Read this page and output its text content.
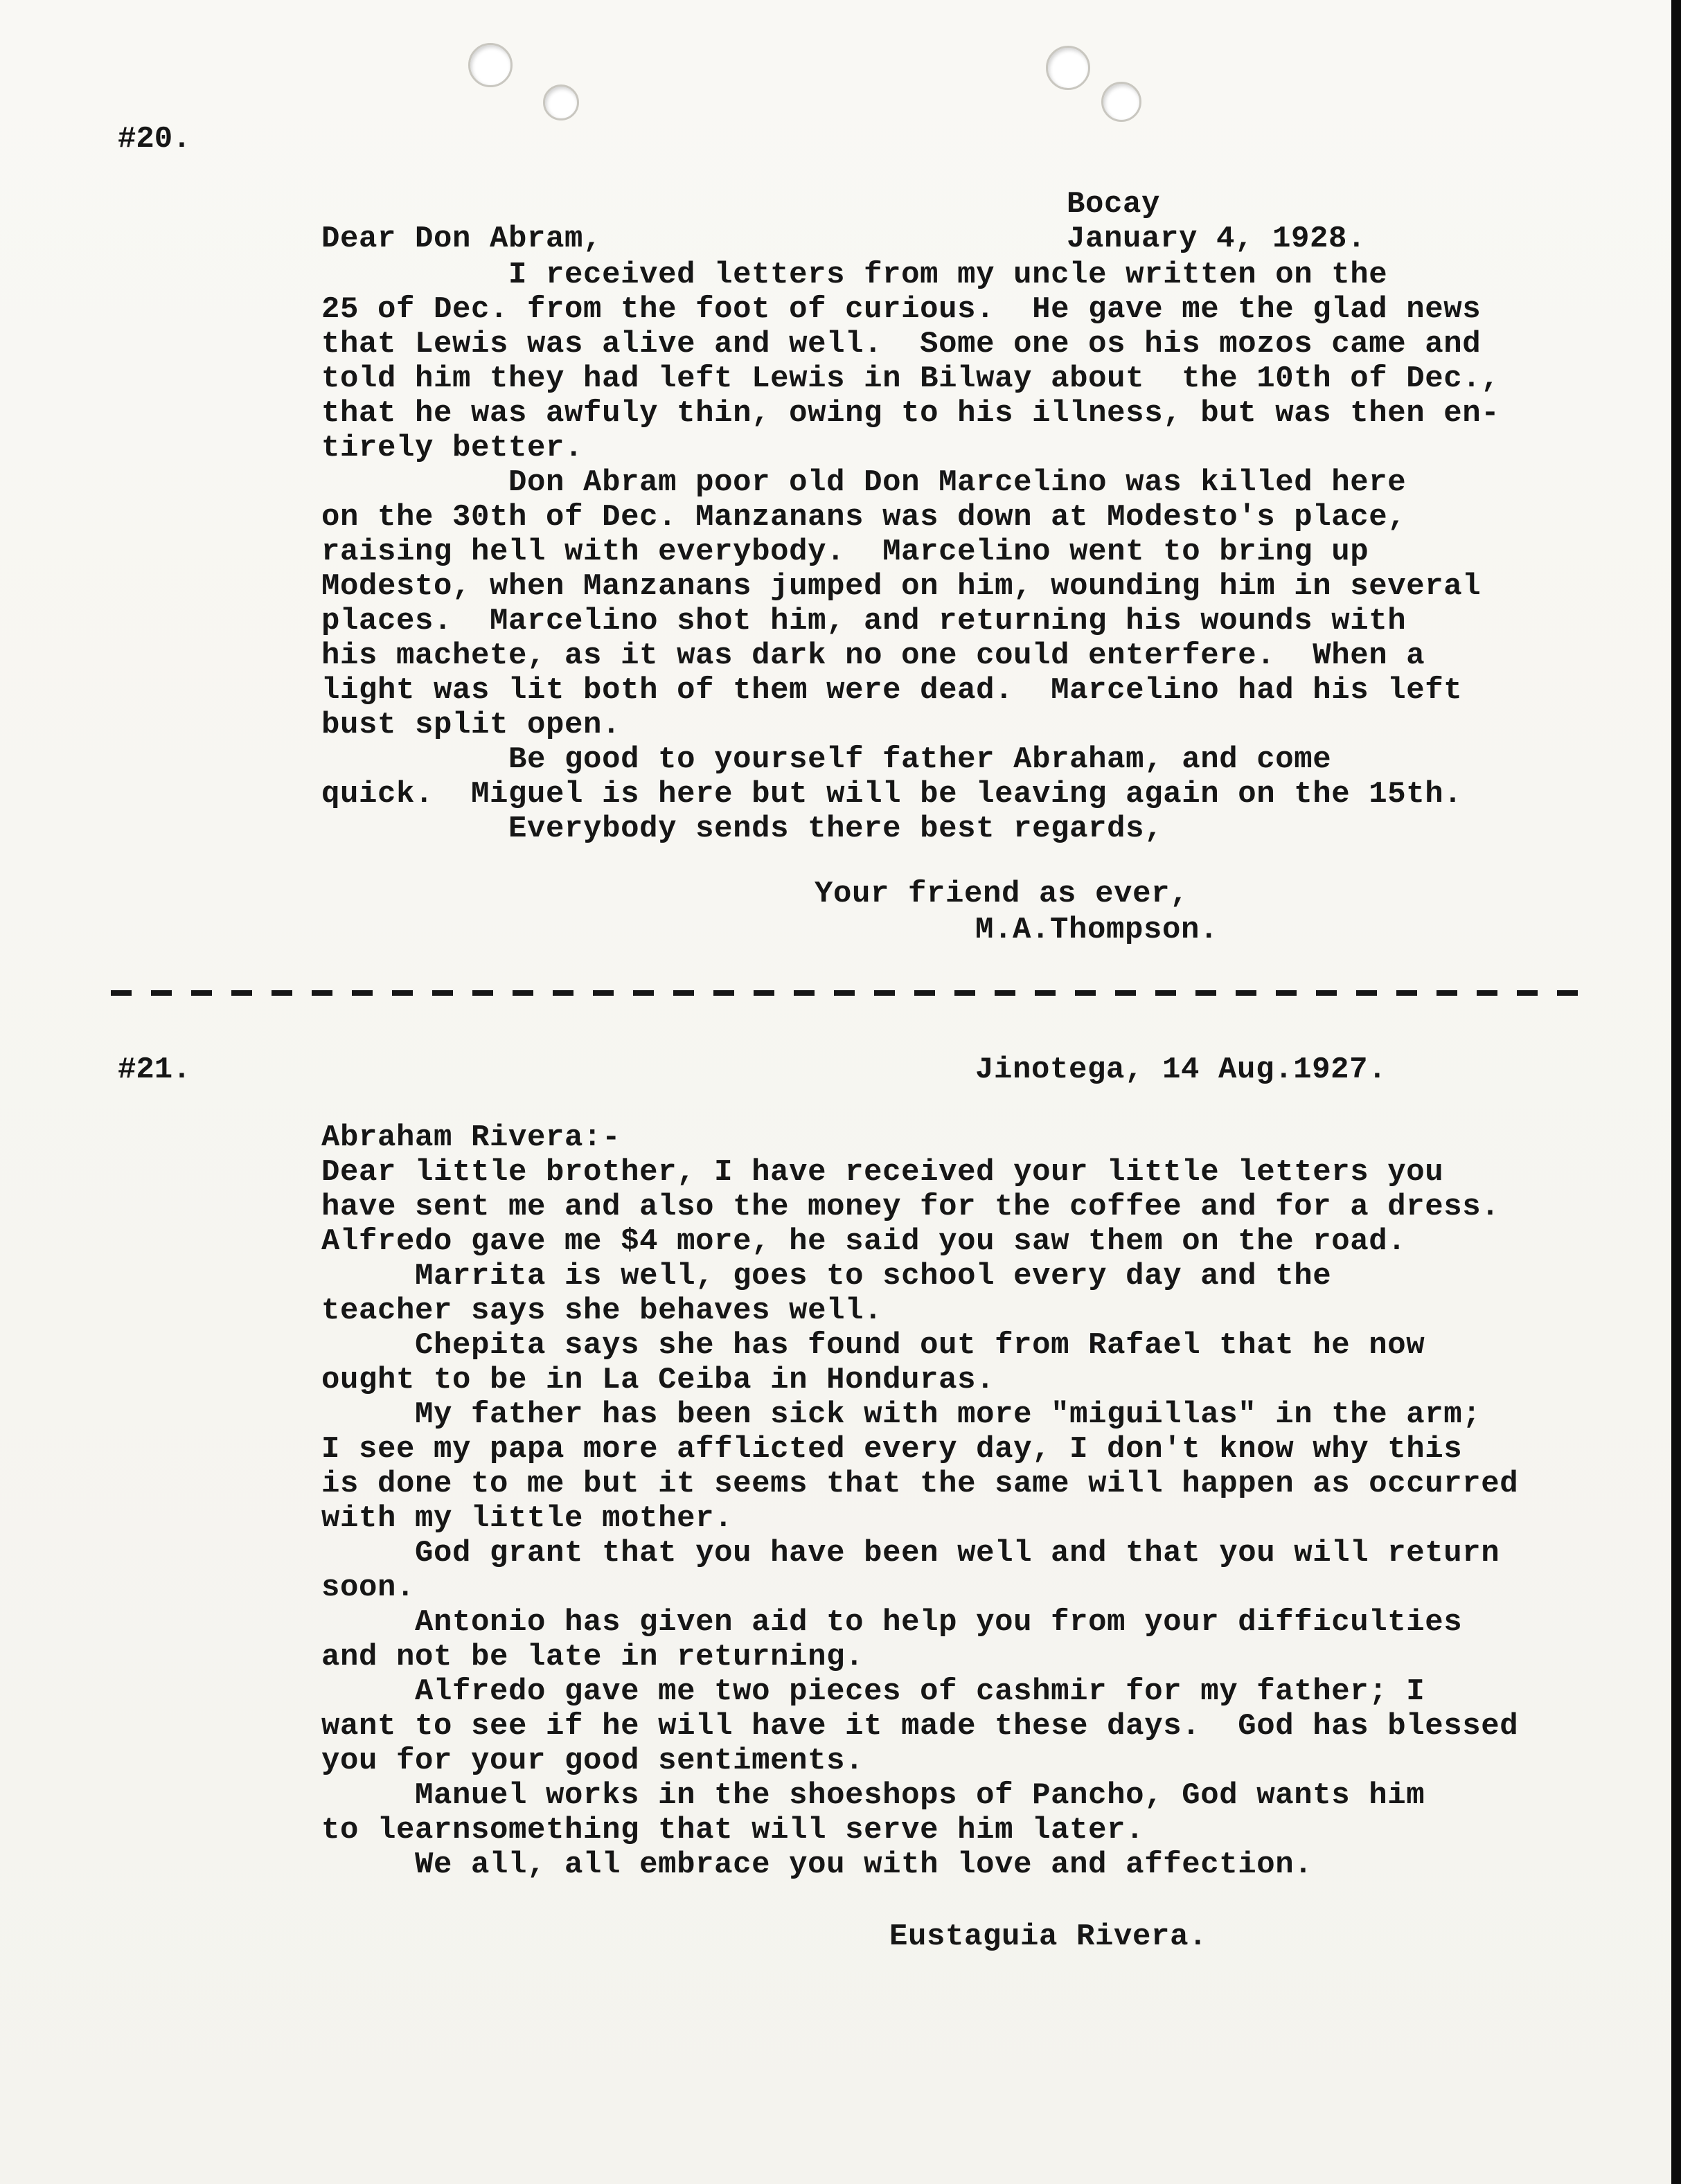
#20.
Bocay
Dear Don Abram,	January 4, 1928.
I received letters from my uncle written on the
25 of Dec. from the foot of curious.  He gave me the glad news
that Lewis was alive and well.  Some one os his mozos came and
told him they had left Lewis in Bilway about  the 10th of Dec.,
that he was awfuly thin, owing to his illness, but was then en-
tirely better.
Don Abram poor old Don Marcelino was killed here
on the 30th of Dec. Manzanans was down at Modesto's place,
raising hell with everybody.  Marcelino went to bring up
Modesto, when Manzanans jumped on him, wounding him in several
places.  Marcelino shot him, and returning his wounds with
his machete, as it was dark no one could enterfere.  When a
light was lit both of them were dead.  Marcelino had his left
bust split open.
Be good to yourself father Abraham, and come
quick.  Miguel is here but will be leaving again on the 15th.
Everybody sends there best regards,
Your friend as ever,
M.A.Thompson.
#21.	Jinotega, 14 Aug.1927.
Abraham Rivera:-
Dear little brother, I have received your little letters you
have sent me and also the money for the coffee and for a dress.
Alfredo gave me $4 more, he said you saw them on the road.
Marrita is well, goes to school every day and the
teacher says she behaves well.
Chepita says she has found out from Rafael that he now
ought to be in La Ceiba in Honduras.
My father has been sick with more "miguillas" in the arm;
I see my papa more afflicted every day, I don't know why this
is done to me but it seems that the same will happen as occurred
with my little mother.
God grant that you have been well and that you will return
soon.
Antonio has given aid to help you from your difficulties
and not be late in returning.
Alfredo gave me two pieces of cashmir for my father; I
want to see if he will have it made these days.  God has blessed
you for your good sentiments.
Manuel works in the shoeshops of Pancho, God wants him
to learnsomething that will serve him later.
We all, all embrace you with love and affection.
Eustaguia Rivera.
